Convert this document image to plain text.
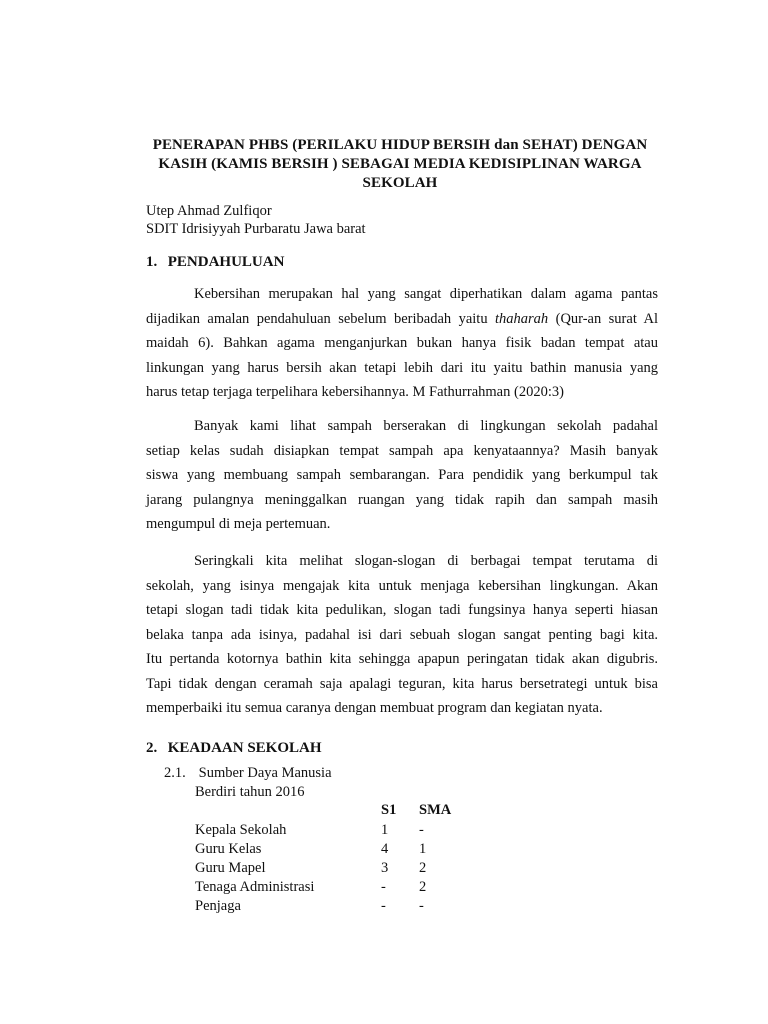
PENERAPAN PHBS (PERILAKU HIDUP BERSIH dan SEHAT) DENGAN
KASIH (KAMIS BERSIH ) SEBAGAI MEDIA KEDISIPLINAN WARGA
SEKOLAH
Utep Ahmad Zulfiqor
SDIT Idrisiyyah Purbaratu Jawa barat
1. PENDAHULUAN
Kebersihan merupakan hal yang sangat diperhatikan dalam agama pantas
dijadikan amalan pendahuluan sebelum beribadah yaitu thaharah (Qur-an surat Al
maidah 6). Bahkan agama menganjurkan bukan hanya fisik badan tempat atau
linkungan yang harus bersih akan tetapi lebih dari itu yaitu bathin manusia yang
harus tetap terjaga terpelihara kebersihannya. M Fathurrahman (2020:3)
Banyak kami lihat sampah berserakan di lingkungan sekolah padahal
setiap kelas sudah disiapkan tempat sampah apa kenyataannya? Masih banyak
siswa yang membuang sampah sembarangan. Para pendidik yang berkumpul tak
jarang pulangnya meninggalkan ruangan yang tidak rapih dan sampah masih
mengumpul di meja pertemuan.
Seringkali kita melihat slogan-slogan di berbagai tempat terutama di
sekolah, yang isinya mengajak kita untuk menjaga kebersihan lingkungan. Akan
tetapi slogan tadi tidak kita pedulikan, slogan tadi fungsinya hanya seperti hiasan
belaka tanpa ada isinya, padahal isi dari sebuah slogan sangat penting bagi kita.
Itu pertanda kotornya bathin kita sehingga apapun peringatan tidak akan digubris.
Tapi tidak dengan ceramah saja apalagi teguran, kita harus bersetrategi untuk bisa
memperbaiki itu semua caranya dengan membuat program dan kegiatan nyata.
2. KEADAAN SEKOLAH
2.1. Sumber Daya Manusia
Berdiri tahun 2016
	S1	SMA
Kepala Sekolah	1	-
Guru Kelas	4	1
Guru Mapel	3	2
Tenaga Administrasi	-	2
Penjaga	-	-
